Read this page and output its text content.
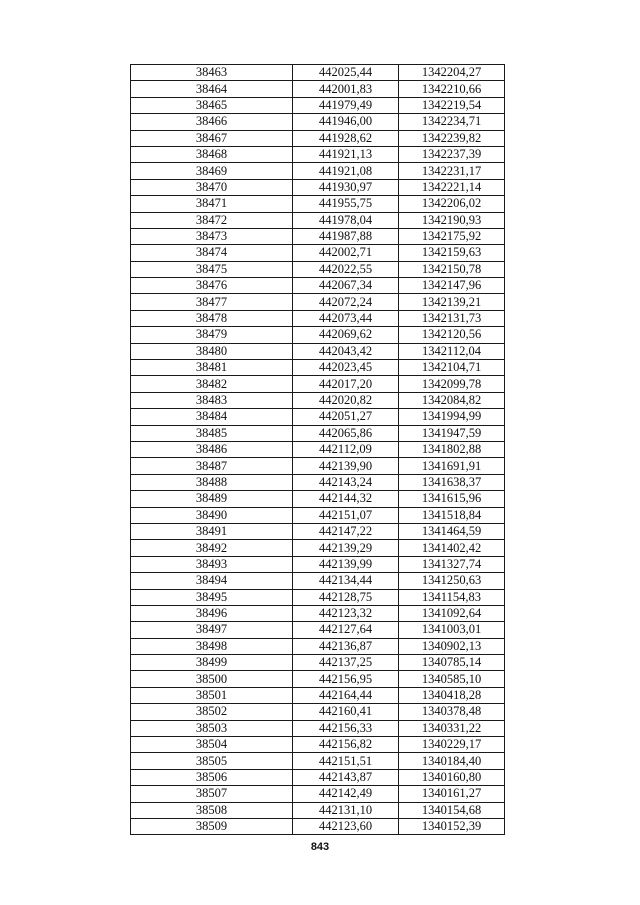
38463	442025,44	1342204,27
38464	442001,83	1342210,66
38465	441979,49	1342219,54
38466	441946,00	1342234,71
38467	441928,62	1342239,82
38468	441921,13	1342237,39
38469	441921,08	1342231,17
38470	441930,97	1342221,14
38471	441955,75	1342206,02
38472	441978,04	1342190,93
38473	441987,88	1342175,92
38474	442002,71	1342159,63
38475	442022,55	1342150,78
38476	442067,34	1342147,96
38477	442072,24	1342139,21
38478	442073,44	1342131,73
38479	442069,62	1342120,56
38480	442043,42	1342112,04
38481	442023,45	1342104,71
38482	442017,20	1342099,78
38483	442020,82	1342084,82
38484	442051,27	1341994,99
38485	442065,86	1341947,59
38486	442112,09	1341802,88
38487	442139,90	1341691,91
38488	442143,24	1341638,37
38489	442144,32	1341615,96
38490	442151,07	1341518,84
38491	442147,22	1341464,59
38492	442139,29	1341402,42
38493	442139,99	1341327,74
38494	442134,44	1341250,63
38495	442128,75	1341154,83
38496	442123,32	1341092,64
38497	442127,64	1341003,01
38498	442136,87	1340902,13
38499	442137,25	1340785,14
38500	442156,95	1340585,10
38501	442164,44	1340418,28
38502	442160,41	1340378,48
38503	442156,33	1340331,22
38504	442156,82	1340229,17
38505	442151,51	1340184,40
38506	442143,87	1340160,80
38507	442142,49	1340161,27
38508	442131,10	1340154,68
38509	442123,60	1340152,39
843
